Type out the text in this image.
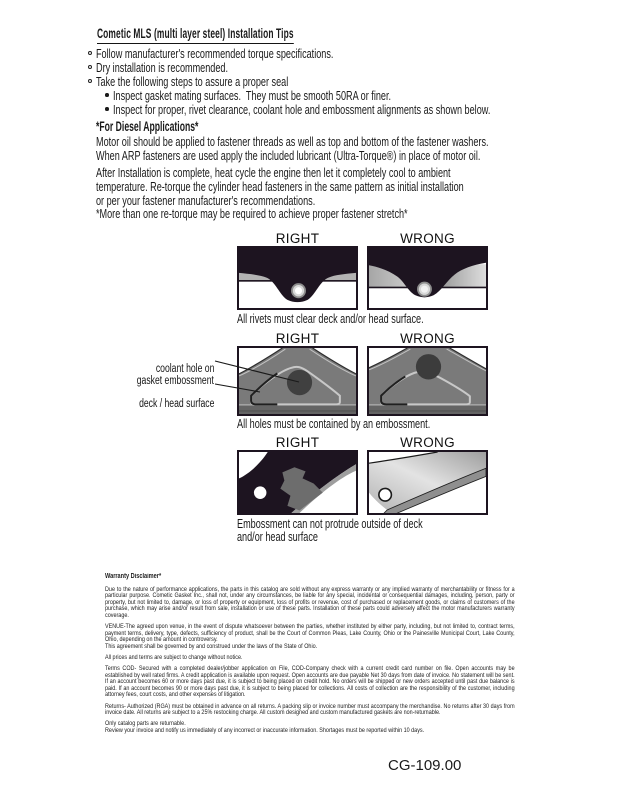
Cometic MLS (multi layer steel) Installation Tips
Follow manufacturer's recommended torque specifications.
Dry installation is recommended.
Take the following steps to assure a proper seal
Inspect gasket mating surfaces.  They must be smooth 50RA or finer.
Inspect for proper, rivet clearance, coolant hole and embossment alignments as shown below.
*For Diesel Applications*
Motor oil should be applied to fastener threads as well as top and bottom of the fastener washers.
When ARP fasteners are used apply the included lubricant (Ultra-Torque®) in place of motor oil.
After Installation is complete, heat cycle the engine then let it completely cool to ambient
temperature. Re-torque the cylinder head fasteners in the same pattern as initial installation
or per your fastener manufacturer's recommendations.
*More than one re-torque may be required to achieve proper fastener stretch*
RIGHT	WRONG
All rivets must clear deck and/or head surface.

coolant hole on

deck / head surface

gasket embossment
RIGHT	WRONG
All holes must be contained by an embossment.
RIGHT	WRONG
Embossment can not protrude outside of deck
and/or head surface
Warranty Disclaimer*

Due to the nature of performance applications, the parts in this catalog are sold without any express warranty or any implied warranty of merchantability or fitness for a particular purpose. Cometic Gasket Inc., shall not, under any circumstances, be liable for any special, incidental or consequential damages, including, person, party or property, but not limited to, damage, or loss of property or equipment, loss of profits or revenue, cost of purchased or replacement goods, or claims of customers of the purchase, which may arise and/or result from sale, installation or use of these parts. Installation of these parts could adversely affect the motor manufacturers warranty coverage.

VENUE-The agreed upon venue, in the event of dispute whatsoever between the parties, whether instituted by either party, including, but not limited to, contract terms, payment terms, delivery, type, defects, sufficiency of product, shall be the Court of Common Pleas, Lake County, Ohio or the Painesville Municipal Court, Lake County, Ohio, depending on the amount in controversy.
This agreement shall be governed by and construed under the laws of the State of Ohio.

All prices and terms are subject to change without notice.

Terms COD- Secured with a completed dealer/jobber application on File, COD-Company check with a current credit card number on file. Open accounts may be established by well rated firms. A credit application is available upon request. Open accounts are due payable Net 30 days from date of invoice. No statement will be sent. If an account becomes 60 or more days past due, it is subject to being placed on credit hold. No orders will be shipped or new orders accepted until past due balance is paid. If an account becomes 90 or more days past due, it is subject to being placed for collections. All costs of collection are the responsibility of the customer, including attorney fees, court costs, and other expenses of litigation.

Returns- Authorized (RGA) must be obtained in advance on all returns. A packing slip or invoice number must accompany the merchandise. No returns after 30 days from invoice date. All returns are subject to a 25% restocking charge. All custom designed and custom manufactured gaskets are non-returnable.

Only catalog parts are returnable.
Review your invoice and notify us immediately of any incorrect or inaccurate information. Shortages must be reported within 10 days.

CG-109.00
